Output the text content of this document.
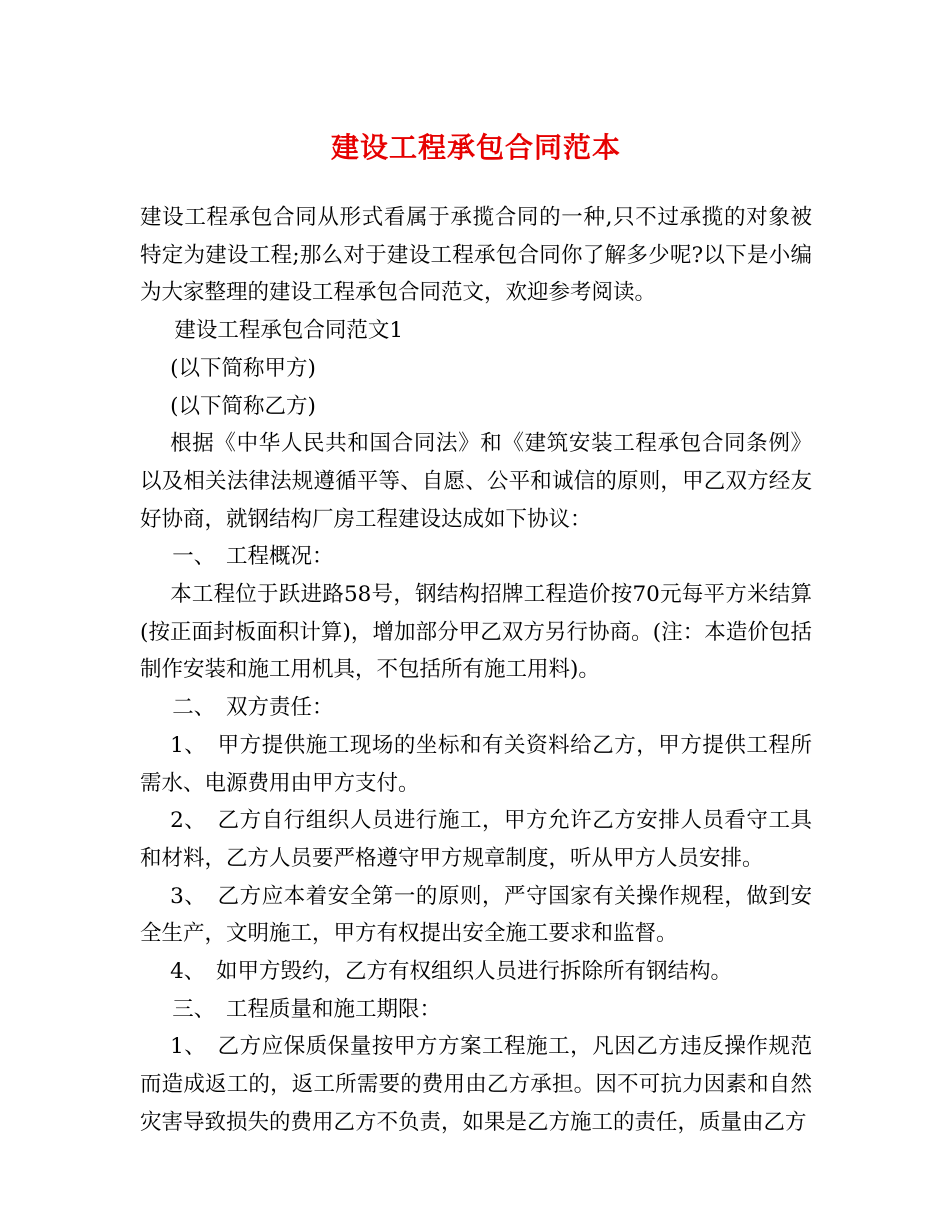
建设工程承包合同范本

建设工程承包合同从形式看属于承揽合同的一种,只不过承揽的对象被特定为建设工程;那么对于建设工程承包合同你了解多少呢?以下是小编为大家整理的建设工程承包合同范文，欢迎参考阅读。

建设工程承包合同范文1

(以下简称甲方)

(以下简称乙方)

根据《中华人民共和国合同法》和《建筑安装工程承包合同条例》以及相关法律法规遵循平等、自愿、公平和诚信的原则，甲乙双方经友好协商，就钢结构厂房工程建设达成如下协议：

一、　工程概况：

本工程位于跃进路58号，钢结构招牌工程造价按70元每平方米结算(按正面封板面积计算)，增加部分甲乙双方另行协商。(注：本造价包括制作安装和施工用机具，不包括所有施工用料)。

二、　双方责任：

1、　甲方提供施工现场的坐标和有关资料给乙方，甲方提供工程所需水、电源费用由甲方支付。

2、　乙方自行组织人员进行施工，甲方允许乙方安排人员看守工具和材料，乙方人员要严格遵守甲方规章制度，听从甲方人员安排。

3、　乙方应本着安全第一的原则，严守国家有关操作规程，做到安全生产，文明施工，甲方有权提出安全施工要求和监督。

4、　如甲方毁约，乙方有权组织人员进行拆除所有钢结构。

三、　工程质量和施工期限：

1、　乙方应保质保量按甲方方案工程施工，凡因乙方违反操作规范而造成返工的，返工所需要的费用由乙方承担。因不可抗力因素和自然灾害导致损失的费用乙方不负责，如果是乙方施工的责任，质量由乙方
